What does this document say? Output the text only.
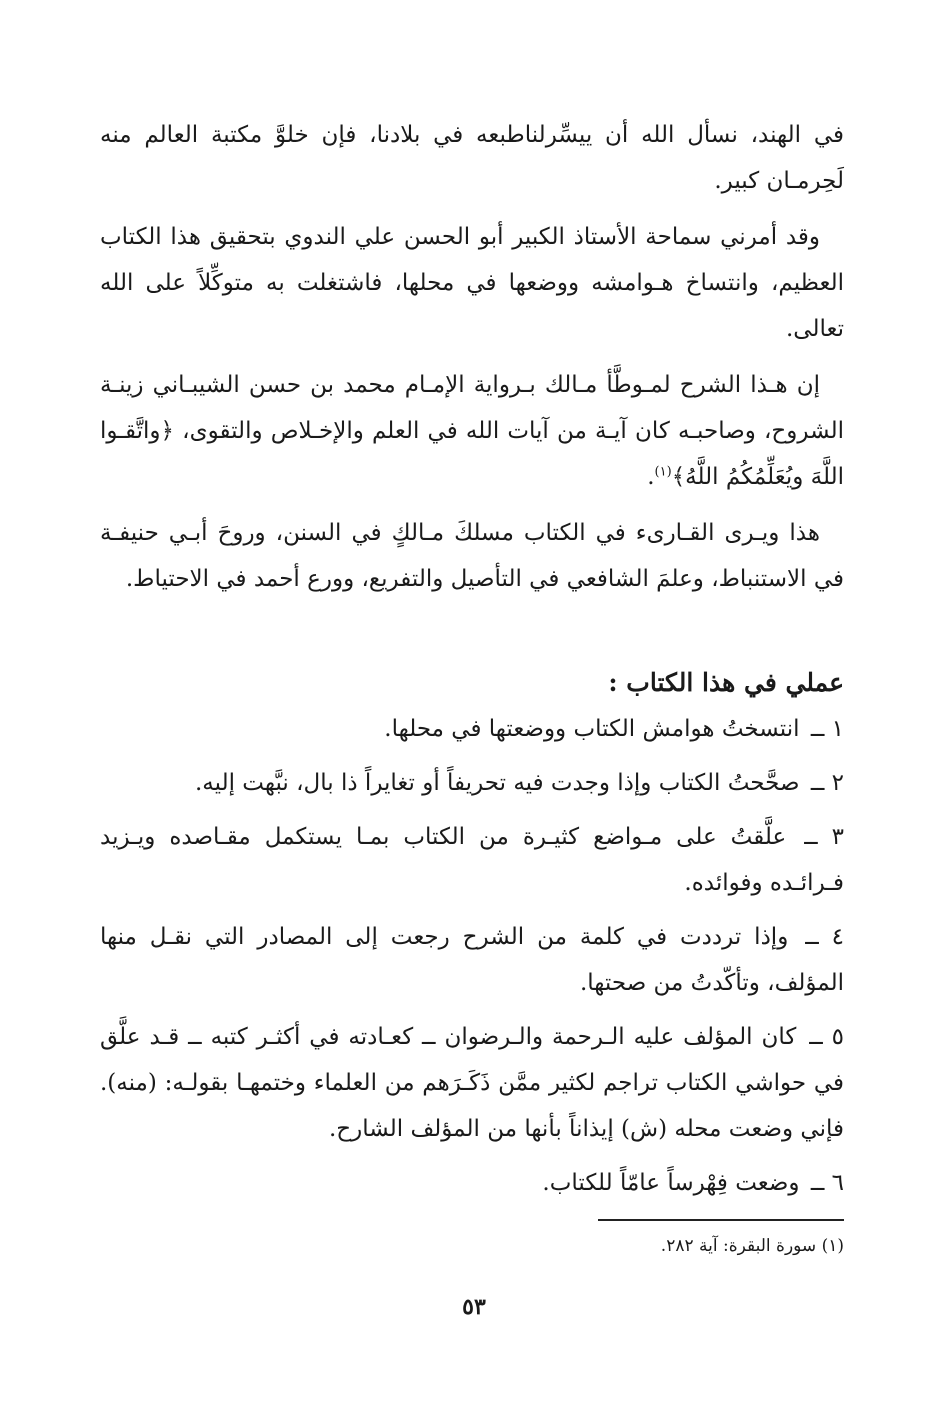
في الهند، نسأل الله أن ييسِّرلناطبعه في بلادنا، فإن خلوَّ مكتبة العالم منه لَحِرمـان كبير.

وقد أمرني سماحة الأستاذ الكبير أبو الحسن علي الندوي بتحقيق هذا الكتاب العظيم، وانتساخ هـوامشه ووضعها في محلها، فاشتغلت به متوكِّلاً على الله تعالى.

إن هـذا الشرح لمـوطَّأ مـالك بـرواية الإمـام محمد بن حسن الشيبـاني زينـة الشروح، وصاحبـه كان آيـة من آيات الله في العلم والإخـلاص والتقوى، ﴿واتَّقـوا اللَّهَ ويُعَلِّمُكُمُ اللَّهُ﴾$^{(١)}$.

هذا ويـرى القـارىء في الكتاب مسلكَ مـالكٍ في السنن، وروحَ أبـي حنيفـة في الاستنباط، وعلمَ الشافعي في التأصيل والتفريع، وورع أحمد في الاحتياط.

عملي في هذا الكتاب :

١ ــ انتسختُ هوامش الكتاب ووضعتها في محلها.

٢ ــ صحَّحتُ الكتاب وإذا وجدت فيه تحريفاً أو تغايراً ذا بال، نبَّهت إليه.

٣ ــ علَّقتُ على مـواضع كثيـرة من الكتاب بمـا يستكمل مقـاصده ويـزيد فـرائـده وفوائده.

٤ ــ وإذا ترددت في كلمة من الشرح رجعت إلى المصادر التي نقـل منها المؤلف، وتأكّدتُ من صحتها.

٥ ــ كان المؤلف عليه الـرحمة والـرضوان ــ كعـادته في أكثـر كتبه ــ قـد علَّق في حواشي الكتاب تراجم لكثير ممَّن ذَكَـرَهم من العلماء وختمهـا بقولـه: (منه). فإني وضعت محله (ش) إيذاناً بأنها من المؤلف الشارح.

٦ ــ وضعت فِهْرساً عامّاً للكتاب.

(١) سورة البقرة: آية ٢٨٢.
٥٣
